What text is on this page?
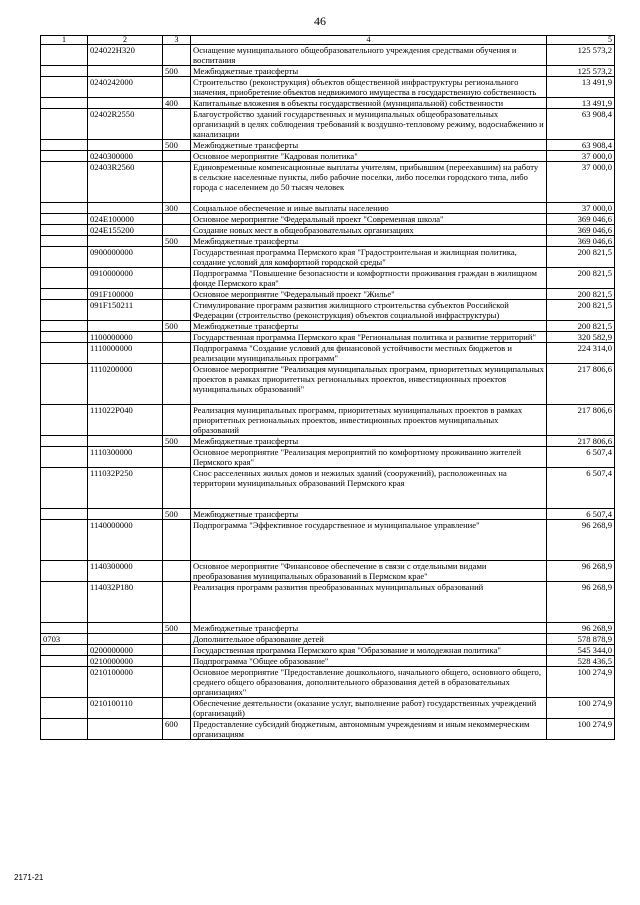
46
1	2	3	4	5
	024022Н320		Оснащение муниципального общеобразовательного учреждения средствами обучения и воспитания	125 573,2
		500	Межбюджетные трансферты	125 573,2
	0240242000		Строительство (реконструкция) объектов общественной инфраструктуры регионального значения, приобретение объектов недвижимого имущества в государственную собственность	13 491,9
		400	Капитальные вложения в объекты государственной (муниципальной) собственности	13 491,9
	02402R2550		Благоустройство зданий государственных и муниципальных общеобразовательных организаций в целях соблюдения требований к воздушно-тепловому режиму, водоснабжению и канализации	63 908,4
		500	Межбюджетные трансферты	63 908,4
	0240300000		Основное мероприятие "Кадровая политика"	37 000,0
	02403R2560		Единовременные компенсационные выплаты учителям, прибывшим (переехавшим) на работу в сельские населенные пункты, либо рабочие поселки, либо поселки городского типа, либо города с населением до 50 тысяч человек	37 000,0
		300	Социальное обеспечение и иные выплаты населению	37 000,0
	024E100000		Основное мероприятие "Федеральный проект "Современная школа"	369 046,6
	024E155200		Создание новых мест в общеобразовательных организациях	369 046,6
		500	Межбюджетные трансферты	369 046,6
	0900000000		Государственная программа Пермского края "Градостроительная и жилищная политика, создание условий для комфортной городской среды"	200 821,5
	0910000000		Подпрограмма "Повышение безопасности и комфортности проживания граждан в жилищном фонде Пермского края"	200 821,5
	091F100000		Основное мероприятие "Федеральный проект "Жилье"	200 821,5
	091F150211		Стимулирование программ развития жилищного строительства субъектов Российской Федерации (строительство (реконструкция) объектов социальной инфраструктуры)	200 821,5
		500	Межбюджетные трансферты	200 821,5
	1100000000		Государственная программа Пермского края "Региональная политика и развитие территорий"	320 582,9
	1110000000		Подпрограмма "Создание условий для финансовой устойчивости местных бюджетов и реализации муниципальных программ"	224 314,0
	1110200000		Основное мероприятие "Реализация муниципальных программ, приоритетных муниципальных проектов в рамках приоритетных региональных проектов, инвестиционных проектов муниципальных образований"	217 806,6
	111022Р040		Реализация муниципальных программ, приоритетных муниципальных проектов в рамках приоритетных региональных проектов, инвестиционных проектов муниципальных образований	217 806,6
		500	Межбюджетные трансферты	217 806,6
	1110300000		Основное мероприятие "Реализация мероприятий по комфортному проживанию жителей Пермского края"	6 507,4
	111032Р250		Снос расселенных жилых домов и нежилых зданий (сооружений), расположенных на территории муниципальных образований Пермского края	6 507,4
		500	Межбюджетные трансферты	6 507,4
	1140000000		Подпрограмма "Эффективное государственное и муниципальное управление"	96 268,9
	1140300000		Основное мероприятие "Финансовое обеспечение в связи с отдельными видами преобразования муниципальных образований в Пермском крае"	96 268,9
	114032Р180		Реализация программ развития преобразованных муниципальных образований	96 268,9
		500	Межбюджетные трансферты	96 268,9
0703			Дополнительное образование детей	578 878,9
	0200000000		Государственная программа Пермского края "Образование и молодежная политика"	545 344,0
	0210000000		Подпрограмма "Общее образование"	528 436,5
	0210100000		Основное мероприятие "Предоставление дошкольного, начального общего, основного общего, среднего общего образования, дополнительного образования детей в образовательных организациях"	100 274,9
	0210100110		Обеспечение деятельности (оказание услуг, выполнение работ) государственных учреждений (организаций)	100 274,9
		600	Предоставление субсидий бюджетным, автономным учреждениям и иным некоммерческим организациям	100 274,9
2171-21
